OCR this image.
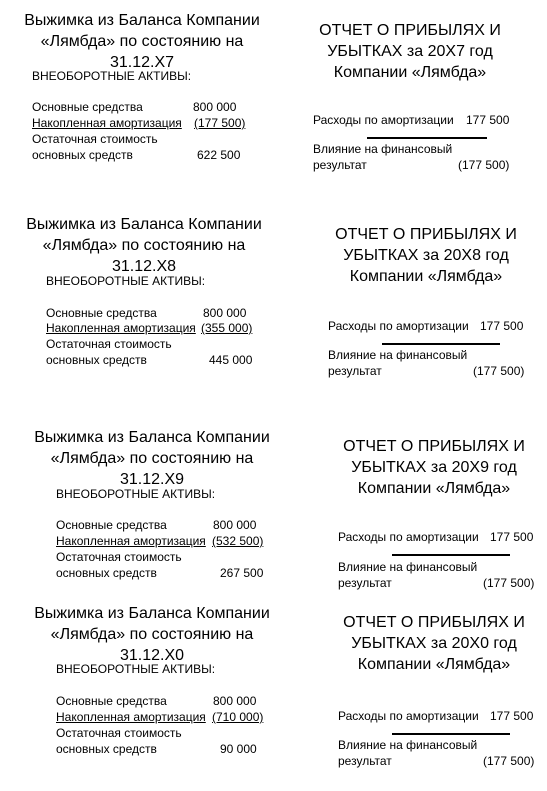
Выжимка из Баланса Компании
«Лямбда» по состоянию на
31.12.Х7
ВНЕОБОРОТНЫЕ АКТИВЫ:
Основные средства	800 000
Накопленная амортизация (177 500)
Остаточная стоимость
основных средств	622 500
ОТЧЕТ О ПРИБЫЛЯХ И
УБЫТКАХ за 20Х7 год
Компании «Лямбда»
Расходы по амортизации 177 500
Влияние на финансовый
результат	(177 500)
Выжимка из Баланса Компании
«Лямбда» по состоянию на
31.12.Х8
ВНЕОБОРОТНЫЕ АКТИВЫ:
Основные средства	800 000
Накопленная амортизация (355 000)
Остаточная стоимость
основных средств	445 000
ОТЧЕТ О ПРИБЫЛЯХ И
УБЫТКАХ за 20Х8 год
Компании «Лямбда»
Расходы по амортизации 177 500
Влияние на финансовый
результат	(177 500)
Выжимка из Баланса Компании
«Лямбда» по состоянию на
31.12.Х9
ВНЕОБОРОТНЫЕ АКТИВЫ:
Основные средства	800 000
Накопленная амортизация (532 500)
Остаточная стоимость
основных средств	267 500
ОТЧЕТ О ПРИБЫЛЯХ И
УБЫТКАХ за 20Х9 год
Компании «Лямбда»
Расходы по амортизации 177 500
Влияние на финансовый
результат	(177 500)
Выжимка из Баланса Компании
«Лямбда» по состоянию на
31.12.Х0
ВНЕОБОРОТНЫЕ АКТИВЫ:
Основные средства	800 000
Накопленная амортизация (710 000)
Остаточная стоимость
основных средств	90 000
ОТЧЕТ О ПРИБЫЛЯХ И
УБЫТКАХ за 20Х0 год
Компании «Лямбда»
Расходы по амортизации 177 500
Влияние на финансовый
результат	(177 500)
